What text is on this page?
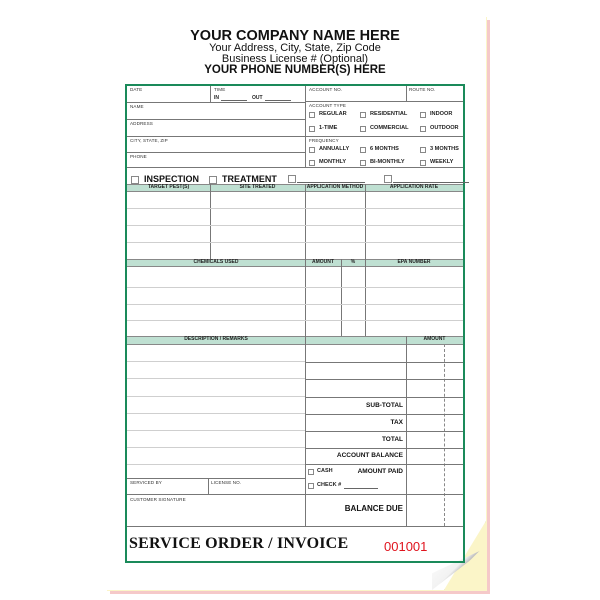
YOUR COMPANY NAME HERE
Your Address, City, State, Zip Code
Business License # (Optional)
YOUR PHONE NUMBER(S) HERE
DATE	TIME
IN	OUT
NAME
ADDRESS
CITY, STATE, ZIP
PHONE
ACCOUNT NO.	ROUTE NO.
ACCOUNT TYPE
REGULAR	RESIDENTIAL	INDOOR
1-TIME	COMMERCIAL	OUTDOOR
FREQUENCY
ANNUALLY	6 MONTHS	3 MONTHS
MONTHLY	BI-MONTHLY	WEEKLY
INSPECTION	TREATMENT
TARGET PEST(S)	SITE TREATED	APPLICATION METHOD	APPLICATION RATE
CHEMICALS USED	AMOUNT	%	EPA NUMBER
DESCRIPTION / REMARKS	AMOUNT
SUB-TOTAL
TAX
TOTAL
ACCOUNT BALANCE
CASH	AMOUNT PAID
CHECK #
BALANCE DUE
SERVICED BY	LICENSE NO.
CUSTOMER SIGNATURE
SERVICE ORDER / INVOICE	001001
